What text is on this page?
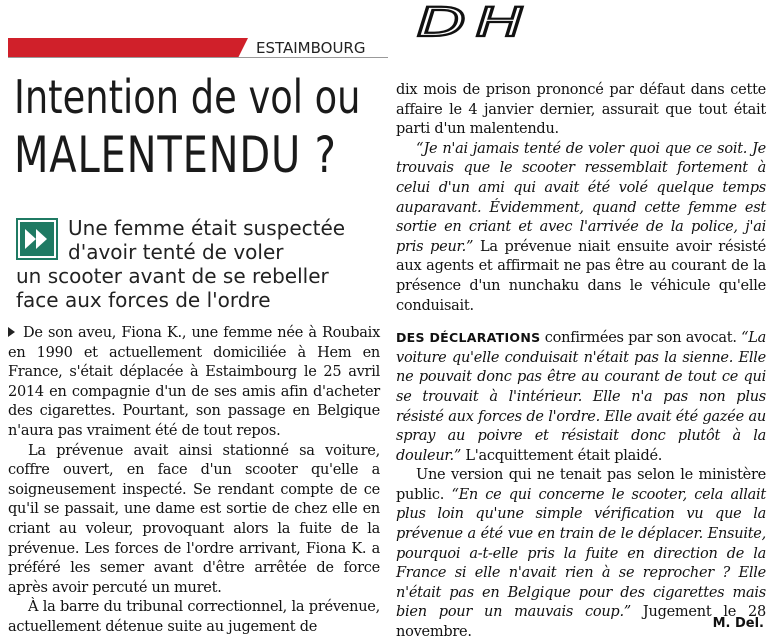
DH
CORRECTIONNELLE
ESTAIMBOURG
Intention de vol ou
MALENTENDU ?
Une femme était suspectée
d'avoir tenté de voler
un scooter avant de se rebeller
face aux forces de l'ordre

De son aveu, Fiona K., une femme née à Roubaix en 1990 et actuellement domiciliée à Hem en France, s'était déplacée à Estaimbourg le 25 avril 2014 en compagnie d'un de ses amis afin d'acheter des cigarettes. Pourtant, son passage en Belgique n'aura pas vraiment été de tout repos.

La prévenue avait ainsi stationné sa voiture, coffre ouvert, en face d'un scooter qu'elle a soigneusement inspecté. Se rendant compte de ce qu'il se passait, une dame est sortie de chez elle en criant au voleur, provoquant alors la fuite de la prévenue. Les forces de l'ordre arrivant, Fiona K. a préféré les semer avant d'être arrêtée de force après avoir percuté un muret.

À la barre du tribunal correctionnel, la prévenue, actuellement détenue suite au jugement de

dix mois de prison prononcé par défaut dans cette affaire le 4 janvier dernier, assurait que tout était parti d'un malentendu.

“Je n'ai jamais tenté de voler quoi que ce soit. Je trouvais que le scooter ressemblait fortement à celui d'un ami qui avait été volé quelque temps auparavant. Évidemment, quand cette femme est sortie en criant et avec l'arrivée de la police, j'ai pris peur.” La prévenue niait ensuite avoir résisté aux agents et affirmait ne pas être au courant de la présence d'un nunchaku dans le véhicule qu'elle conduisait.

DES DÉCLARATIONS confirmées par son avocat. “La voiture qu'elle conduisait n'était pas la sienne. Elle ne pouvait donc pas être au courant de tout ce qui se trouvait à l'intérieur. Elle n'a pas non plus résisté aux forces de l'ordre. Elle avait été gazée au spray au poivre et résistait donc plutôt à la douleur.” L'acquittement était plaidé.

Une version qui ne tenait pas selon le ministère public. “En ce qui concerne le scooter, cela allait plus loin qu'une simple vérification vu que la prévenue a été vue en train de le déplacer. Ensuite, pourquoi a-t-elle pris la fuite en direction de la France si elle n'avait rien à se reprocher ? Elle n'était pas en Belgique pour des cigarettes mais bien pour un mauvais coup.” Jugement le 28 novembre.

M. Del.
